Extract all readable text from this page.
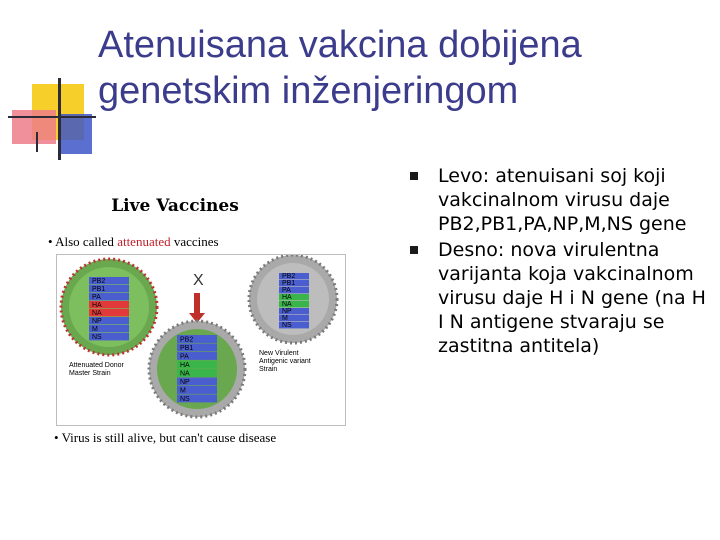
Atenuisana vakcina dobijena
genetskim inženjeringom
Levo: atenuisani soj koji vakcinalnom virusu daje PB2,PB1,PA,NP,M,NS gene
Desno: nova virulentna varijanta koja vakcinalnom virusu daje H i N gene (na H I N antigene stvaraju se zastitna antitela)
Live Vaccines
• Also called attenuated vaccines
PB2
PB1
PA
HA
NA
NP
M
NS
Attenuated Donor
Master Strain
PB2
PB1
PA
HA
NA
NP
M
NS
New Virulent
Antigenic variant
Strain
X
PB2
PB1
PA
HA
NA
NP
M
NS
• Virus is still alive, but can't cause disease
